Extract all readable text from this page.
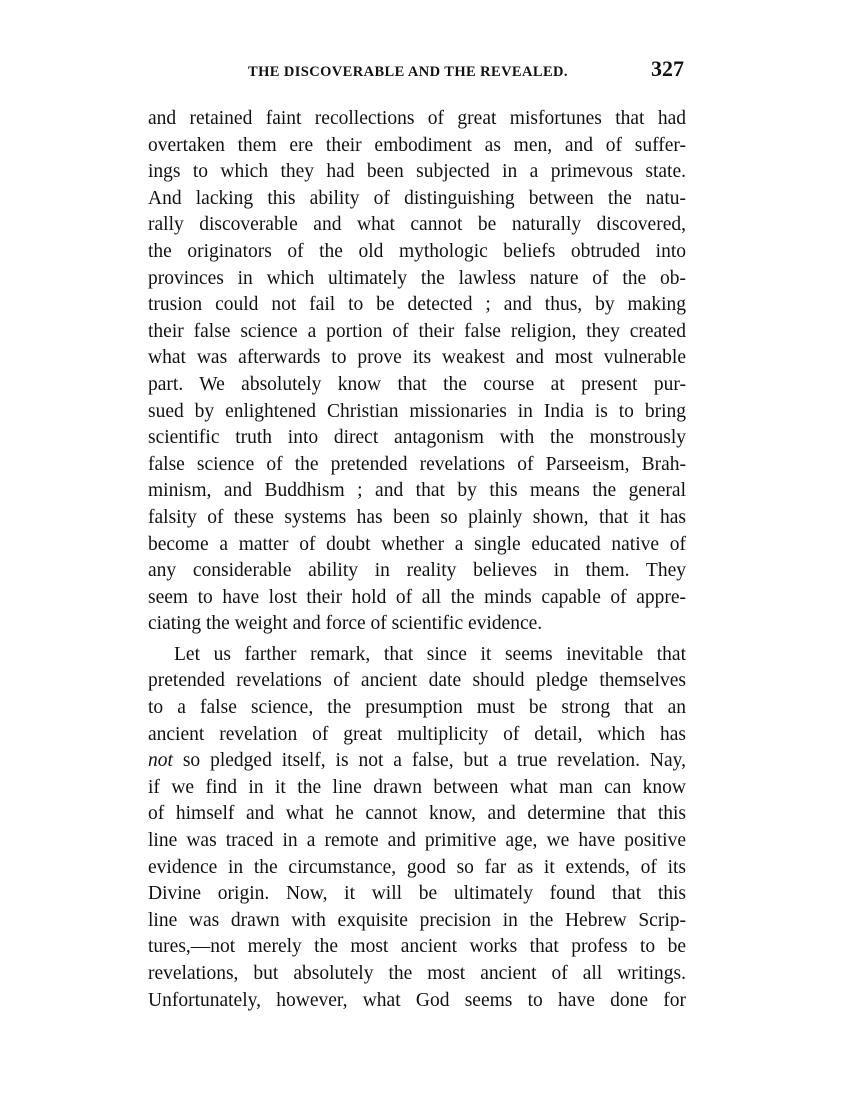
THE DISCOVERABLE AND THE REVEALED.	327
and retained faint recollections of great misfortunes that had
overtaken them ere their embodiment as men, and of suffer-
ings to which they had been subjected in a primevous state.
And lacking this ability of distinguishing between the natu-
rally discoverable and what cannot be naturally discovered,
the originators of the old mythologic beliefs obtruded into
provinces in which ultimately the lawless nature of the ob-
trusion could not fail to be detected ; and thus, by making
their false science a portion of their false religion, they created
what was afterwards to prove its weakest and most vulnerable
part. We absolutely know that the course at present pur-
sued by enlightened Christian missionaries in India is to bring
scientific truth into direct antagonism with the monstrously
false science of the pretended revelations of Parseeism, Brah-
minism, and Buddhism ; and that by this means the general
falsity of these systems has been so plainly shown, that it has
become a matter of doubt whether a single educated native of
any considerable ability in reality believes in them. They
seem to have lost their hold of all the minds capable of appre-
ciating the weight and force of scientific evidence.
Let us farther remark, that since it seems inevitable that
pretended revelations of ancient date should pledge themselves
to a false science, the presumption must be strong that an
ancient revelation of great multiplicity of detail, which has
not so pledged itself, is not a false, but a true revelation. Nay,
if we find in it the line drawn between what man can know
of himself and what he cannot know, and determine that this
line was traced in a remote and primitive age, we have positive
evidence in the circumstance, good so far as it extends, of its
Divine origin. Now, it will be ultimately found that this
line was drawn with exquisite precision in the Hebrew Scrip-
tures,—not merely the most ancient works that profess to be
revelations, but absolutely the most ancient of all writings.
Unfortunately, however, what God seems to have done for
